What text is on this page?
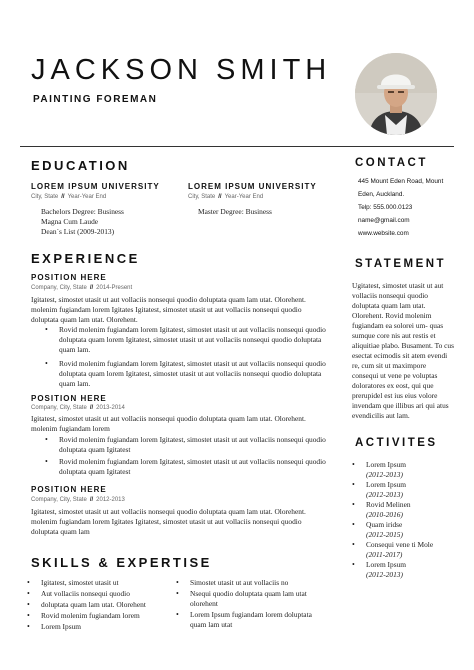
JACKSON SMITH
PAINTING FOREMAN
EDUCATION
LOREM IPSUM UNIVERSITY
City, State // Year-Year End
Bachelors Degree: Business
Magna Cum Laude
Dean`s List (2009-2013)
LOREM IPSUM UNIVERSITY
City, State // Year-Year End
Master Degree: Business
EXPERIENCE
POSITION HERE
Company, City, State // 2014-Present
Igitatest, simostet utasit ut aut vollaciis nonsequi quodio doluptata quam lam utat. Olorehent. molenim fugiandam lorem Igitates Igitatest, simostet utasit ut aut vollaciis nonsequi quodio doluptata quam lam utat. Olorehent.
• Rovid molenim fugiandam lorem Igitatest, simostet utasit ut aut vollaciis nonsequi quodio doluptata quam lorem Igitatest, simostet utasit ut aut vollaciis nonsequi quodio doluptata quam lam.
• Rovid molenim fugiandam lorem Igitatest, simostet utasit ut aut vollaciis nonsequi quodio doluptata quam lorem Igitatest, simostet utasit ut aut vollaciis nonsequi quodio doluptata quam lam.
POSITION HERE
Company, City, State // 2013-2014
Igitatest, simostet utasit ut aut vollaciis nonsequi quodio doluptata quam lam utat. Olorehent. molenim fugiandam lorem
• Rovid molenim fugiandam lorem Igitatest, simostet utasit ut aut vollaciis nonsequi quodio doluptata quam Igitatest
• Rovid molenim fugiandam lorem Igitatest, simostet utasit ut aut vollaciis nonsequi quodio doluptata quam Igitatest
POSITION HERE
Company, City, State // 2012-2013
Igitatest, simostet utasit ut aut vollaciis nonsequi quodio doluptata quam lam utat. Olorehent. molenim fugiandam lorem Igitates Igitatest, simostet utasit ut aut vollaciis nonsequi quodio doluptata quam lam
SKILLS & EXPERTISE
• Igitatest, simostet utasit ut
• Aut vollaciis nonsequi quodio
• doluptata quam lam utat. Olorehent
• Rovid molenim fugiandam lorem
• Lorem Ipsum
• Simostet utasit ut aut vollaciis no
• Nsequi quodio doluptata quam lam utat olorehent
• Lorem Ipsum fugiandam lorem doluptata quam lam utat
CONTACT
445 Mount Eden Road, Mount
Eden, Auckland.
Telp: 555.000.0123
name@gmail.com
www.website.com
STATEMENT
Ugitatest, simostet utasit ut aut vollaciis nonsequi quodio doluptata quam lam utat. Olorehent. Rovid molenim fugiandam ea solorei um- quas sumque core nis aut restis et aliquitiae plabo. Busament. To cus esectat ecimodis sit atem evendi re, cum sit ut maximpore consequi ut vene pe voluptas doloratores ex eost, qui que prerupidel est ius eius volore invendam que illibus ari qui atus evendicilis aut lam.
ACTIVITES
• Lorem Ipsum
(2012-2013)
• Lorem Ipsum
(2012-2013)
• Rovid Melinen
(2010-2016)
• Quam iridse
(2012-2015)
• Consequi vene ti Mole
(2011-2017)
• Lorem Ipsum
(2012-2013)
